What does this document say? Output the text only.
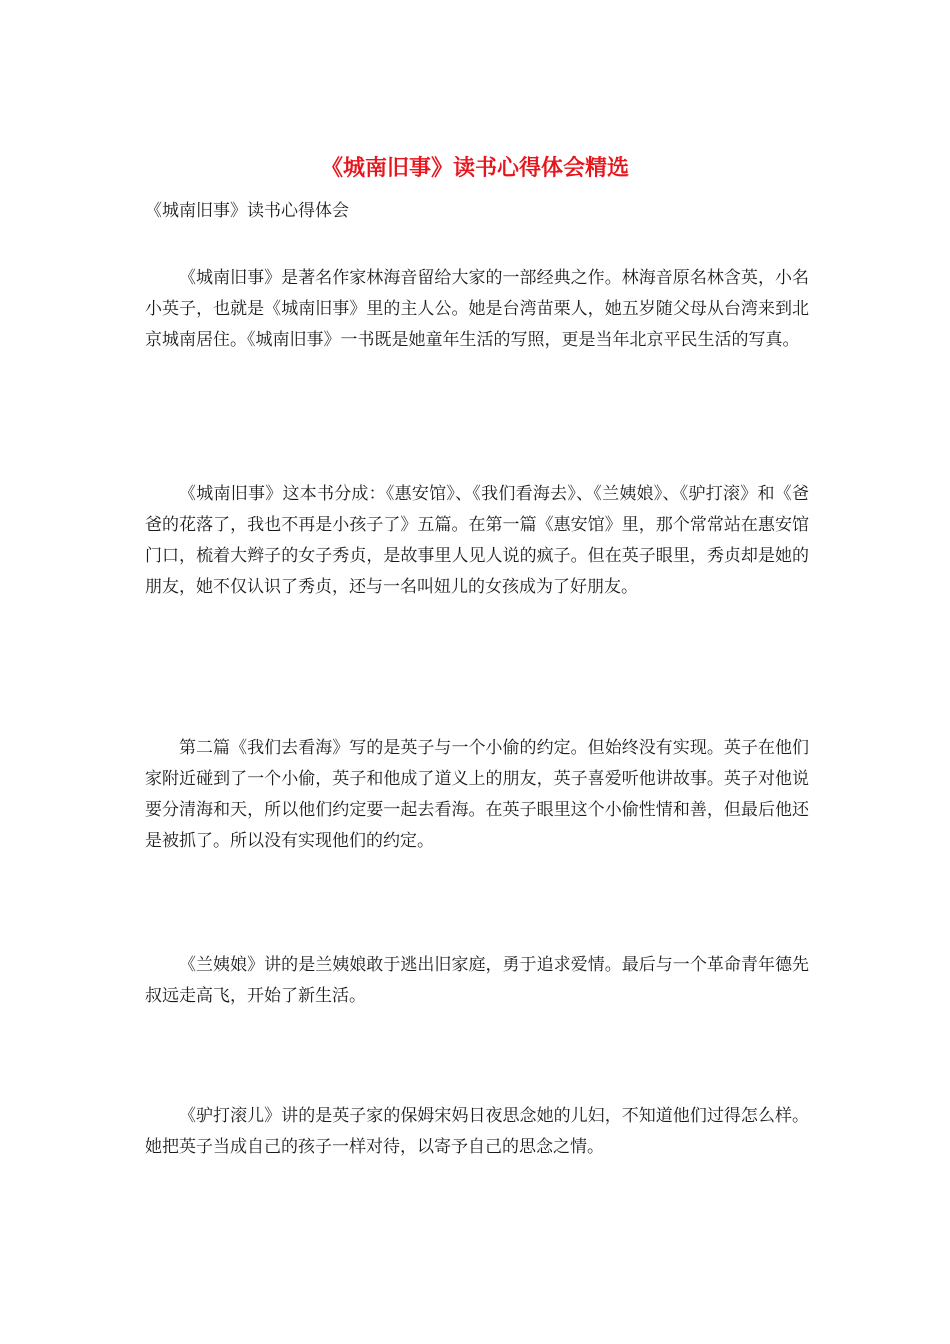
《城南旧事》读书心得体会精选

《城南旧事》读书心得体会

《城南旧事》是著名作家林海音留给大家的一部经典之作。林海音原名林含英，小名小英子，也就是《城南旧事》里的主人公。她是台湾苗栗人，她五岁随父母从台湾来到北京城南居住。《城南旧事》一书既是她童年生活的写照，更是当年北京平民生活的写真。

《城南旧事》这本书分成：《惠安馆》、《我们看海去》、《兰姨娘》、《驴打滚》和《爸爸的花落了，我也不再是小孩子了》五篇。在第一篇《惠安馆》里，那个常常站在惠安馆门口，梳着大辫子的女子秀贞，是故事里人见人说的疯子。但在英子眼里，秀贞却是她的朋友，她不仅认识了秀贞，还与一名叫妞儿的女孩成为了好朋友。

第二篇《我们去看海》写的是英子与一个小偷的约定。但始终没有实现。英子在他们家附近碰到了一个小偷，英子和他成了道义上的朋友，英子喜爱听他讲故事。英子对他说要分清海和天，所以他们约定要一起去看海。在英子眼里这个小偷性情和善，但最后他还是被抓了。所以没有实现他们的约定。

《兰姨娘》讲的是兰姨娘敢于逃出旧家庭，勇于追求爱情。最后与一个革命青年德先叔远走高飞，开始了新生活。

《驴打滚儿》讲的是英子家的保姆宋妈日夜思念她的儿妇，不知道他们过得怎么样。她把英子当成自己的孩子一样对待，以寄予自己的思念之情。
